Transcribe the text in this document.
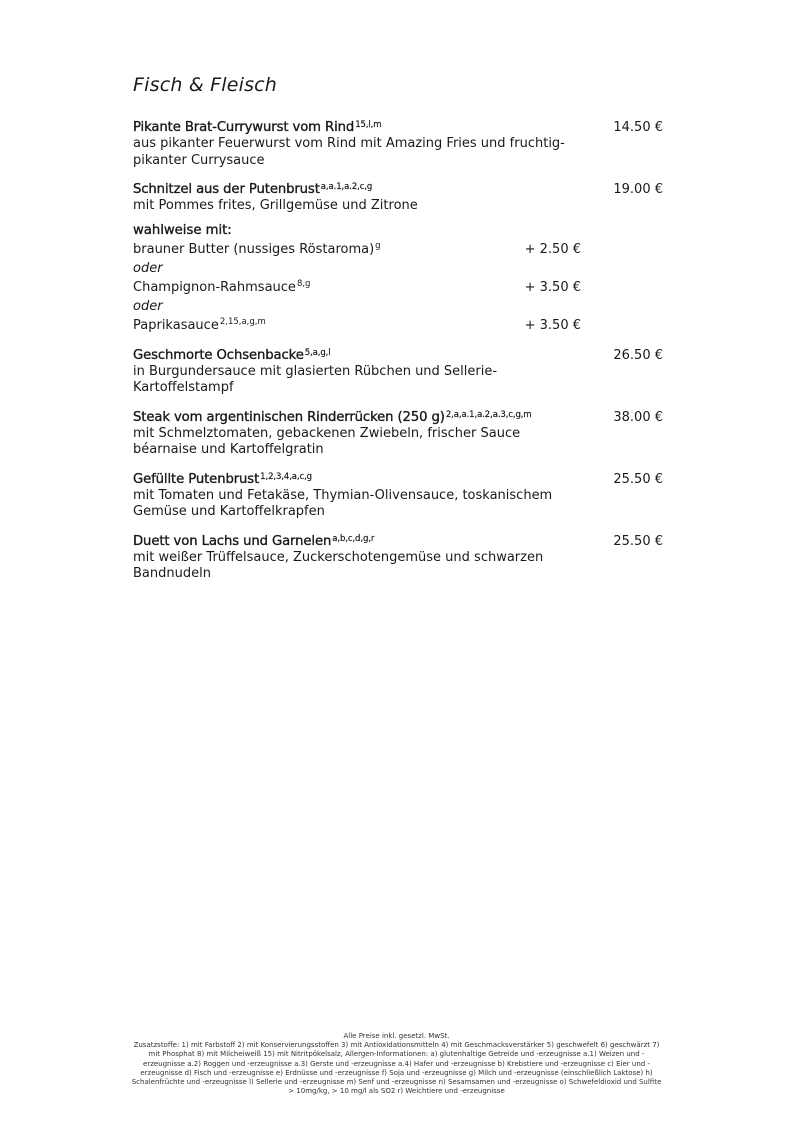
Fisch & Fleisch
Pikante Brat-Currywurst vom Rind$^{15,l,m}$	14.50 €
aus pikanter Feuerwurst vom Rind mit Amazing Fries und fruchtig-pikanter Currysauce
Schnitzel aus der Putenbrust$^{a,a.1,a.2,c,g}$	19.00 €
mit Pommes frites, Grillgemüse und Zitrone
wahlweise mit:
brauner Butter (nussiges Röstaroma)$^g$	+ 2.50 €
oder
Champignon-Rahmsauce$^{8,g}$	+ 3.50 €
oder
Paprikasauce$^{2,15,a,g,m}$	+ 3.50 €
Geschmorte Ochsenbacke$^{5,a,g,l}$	26.50 €
in Burgundersauce mit glasierten Rübchen und Sellerie-Kartoffelstampf
Steak vom argentinischen Rinderrücken (250 g)$^{2,a,a.1,a.2,a.3,c,g,m}$	38.00 €
mit Schmelztomaten, gebackenen Zwiebeln, frischer Sauce béarnaise und Kartoffelgratin
Gefüllte Putenbrust$^{1,2,3,4,a,c,g}$	25.50 €
mit Tomaten und Fetakäse, Thymian-Olivensauce, toskanischem Gemüse und Kartoffelkrapfen
Duett von Lachs und Garnelen$^{a,b,c,d,g,r}$	25.50 €
mit weißer Trüffelsauce, Zuckerschotengemüse und schwarzen Bandnudeln

Alle Preise inkl. gesetzl. MwSt.

Zusatzstoffe: 1) mit Farbstoff 2) mit Konservierungsstoffen 3) mit Antioxidationsmitteln 4) mit Geschmacksverstärker 5) geschwefelt 6) geschwärzt 7) mit Phosphat 8) mit Milcheiweiß 15) mit Nitritpökelsalz, Allergen-Informationen: a) glutenhaltige Getreide und -erzeugnisse a.1) Weizen und -erzeugnisse a.2) Roggen und -erzeugnisse a.3) Gerste und -erzeugnisse a.4) Hafer und -erzeugnisse b) Krebstiere und -erzeugnisse c) Eier und -erzeugnisse d) Fisch und -erzeugnisse e) Erdnüsse und -erzeugnisse f) Soja und -erzeugnisse g) Milch und -erzeugnisse (einschließlich Laktose) h) Schalenfrüchte und -erzeugnisse l) Sellerie und -erzeugnisse m) Senf und -erzeugnisse n) Sesamsamen und -erzeugnisse o) Schwefeldioxid und Sulfite > 10mg/kg, > 10 mg/l als SO2 r) Weichtiere und -erzeugnisse
